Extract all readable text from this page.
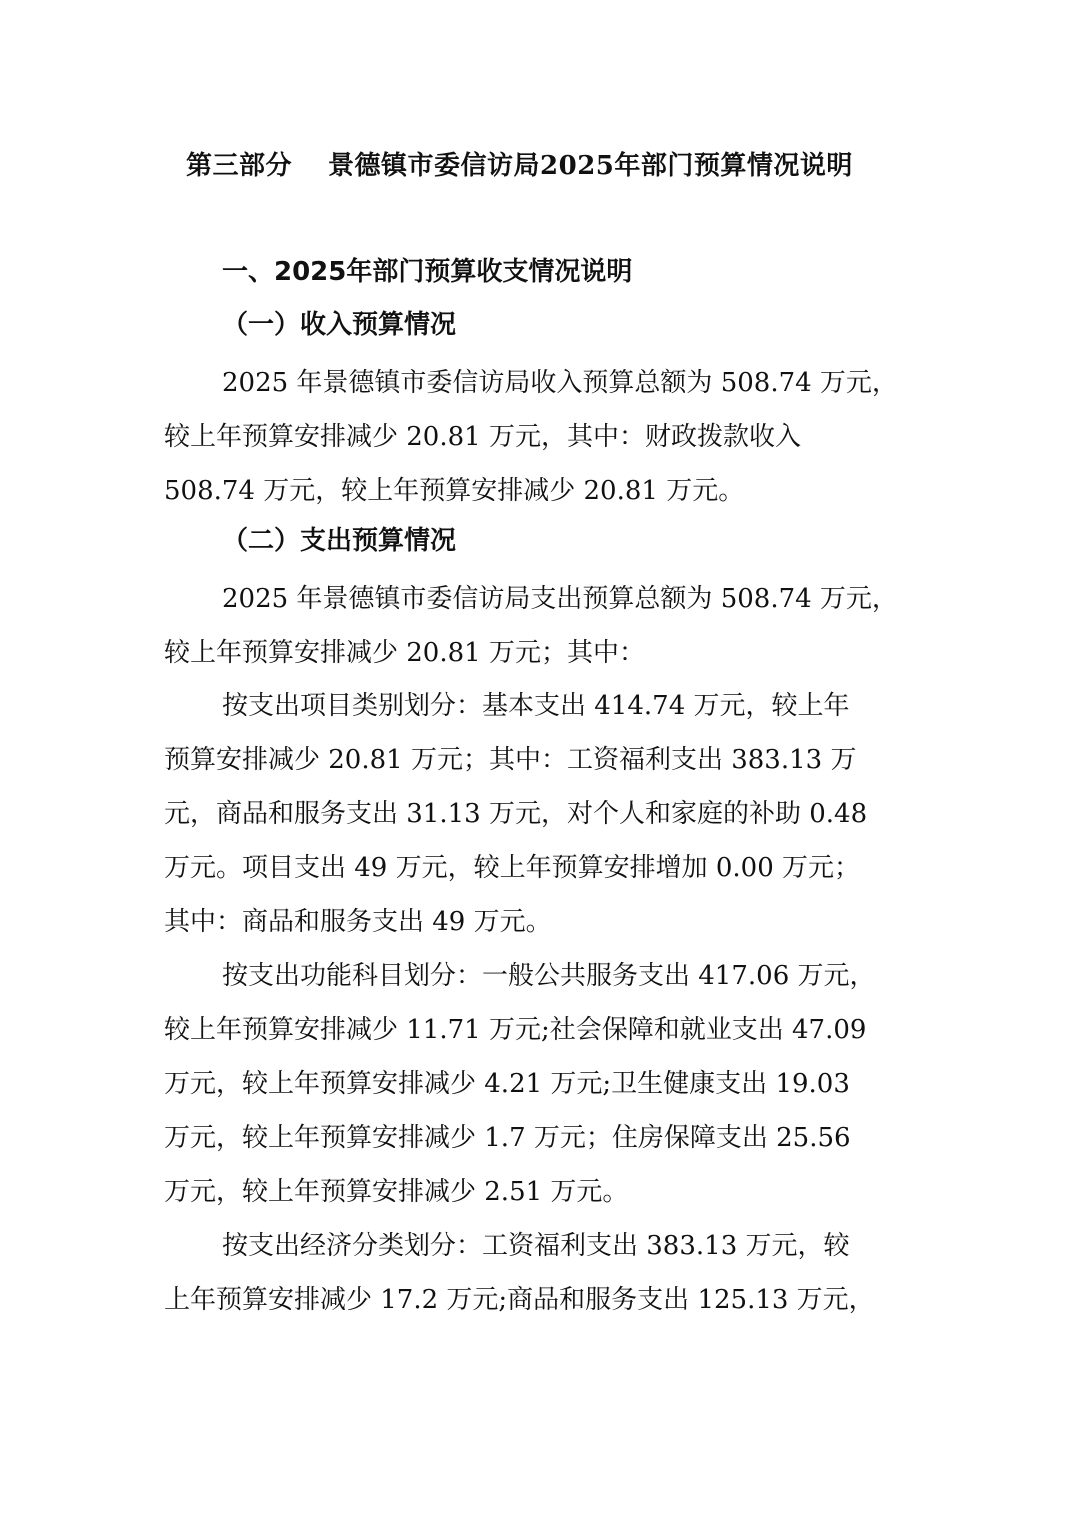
第三部分 景德镇市委信访局2025年部门预算情况说明
一、2025年部门预算收支情况说明
（一）收入预算情况
2025 年景德镇市委信访局收入预算总额为 508.74 万元，
较上年预算安排减少 20.81 万元，其中：财政拨款收入
508.74 万元，较上年预算安排减少 20.81 万元。
（二）支出预算情况
2025 年景德镇市委信访局支出预算总额为 508.74 万元，
较上年预算安排减少 20.81 万元；其中：
按支出项目类别划分：基本支出 414.74 万元，较上年
预算安排减少 20.81 万元；其中：工资福利支出 383.13 万
元，商品和服务支出 31.13 万元，对个人和家庭的补助 0.48
万元。项目支出 49 万元，较上年预算安排增加 0.00 万元；
其中：商品和服务支出 49 万元。
按支出功能科目划分：一般公共服务支出 417.06 万元，
较上年预算安排减少 11.71 万元;社会保障和就业支出 47.09
万元，较上年预算安排减少 4.21 万元;卫生健康支出 19.03
万元，较上年预算安排减少 1.7 万元；住房保障支出 25.56
万元，较上年预算安排减少 2.51 万元。
按支出经济分类划分：工资福利支出 383.13 万元，较
上年预算安排减少 17.2 万元;商品和服务支出 125.13 万元，
